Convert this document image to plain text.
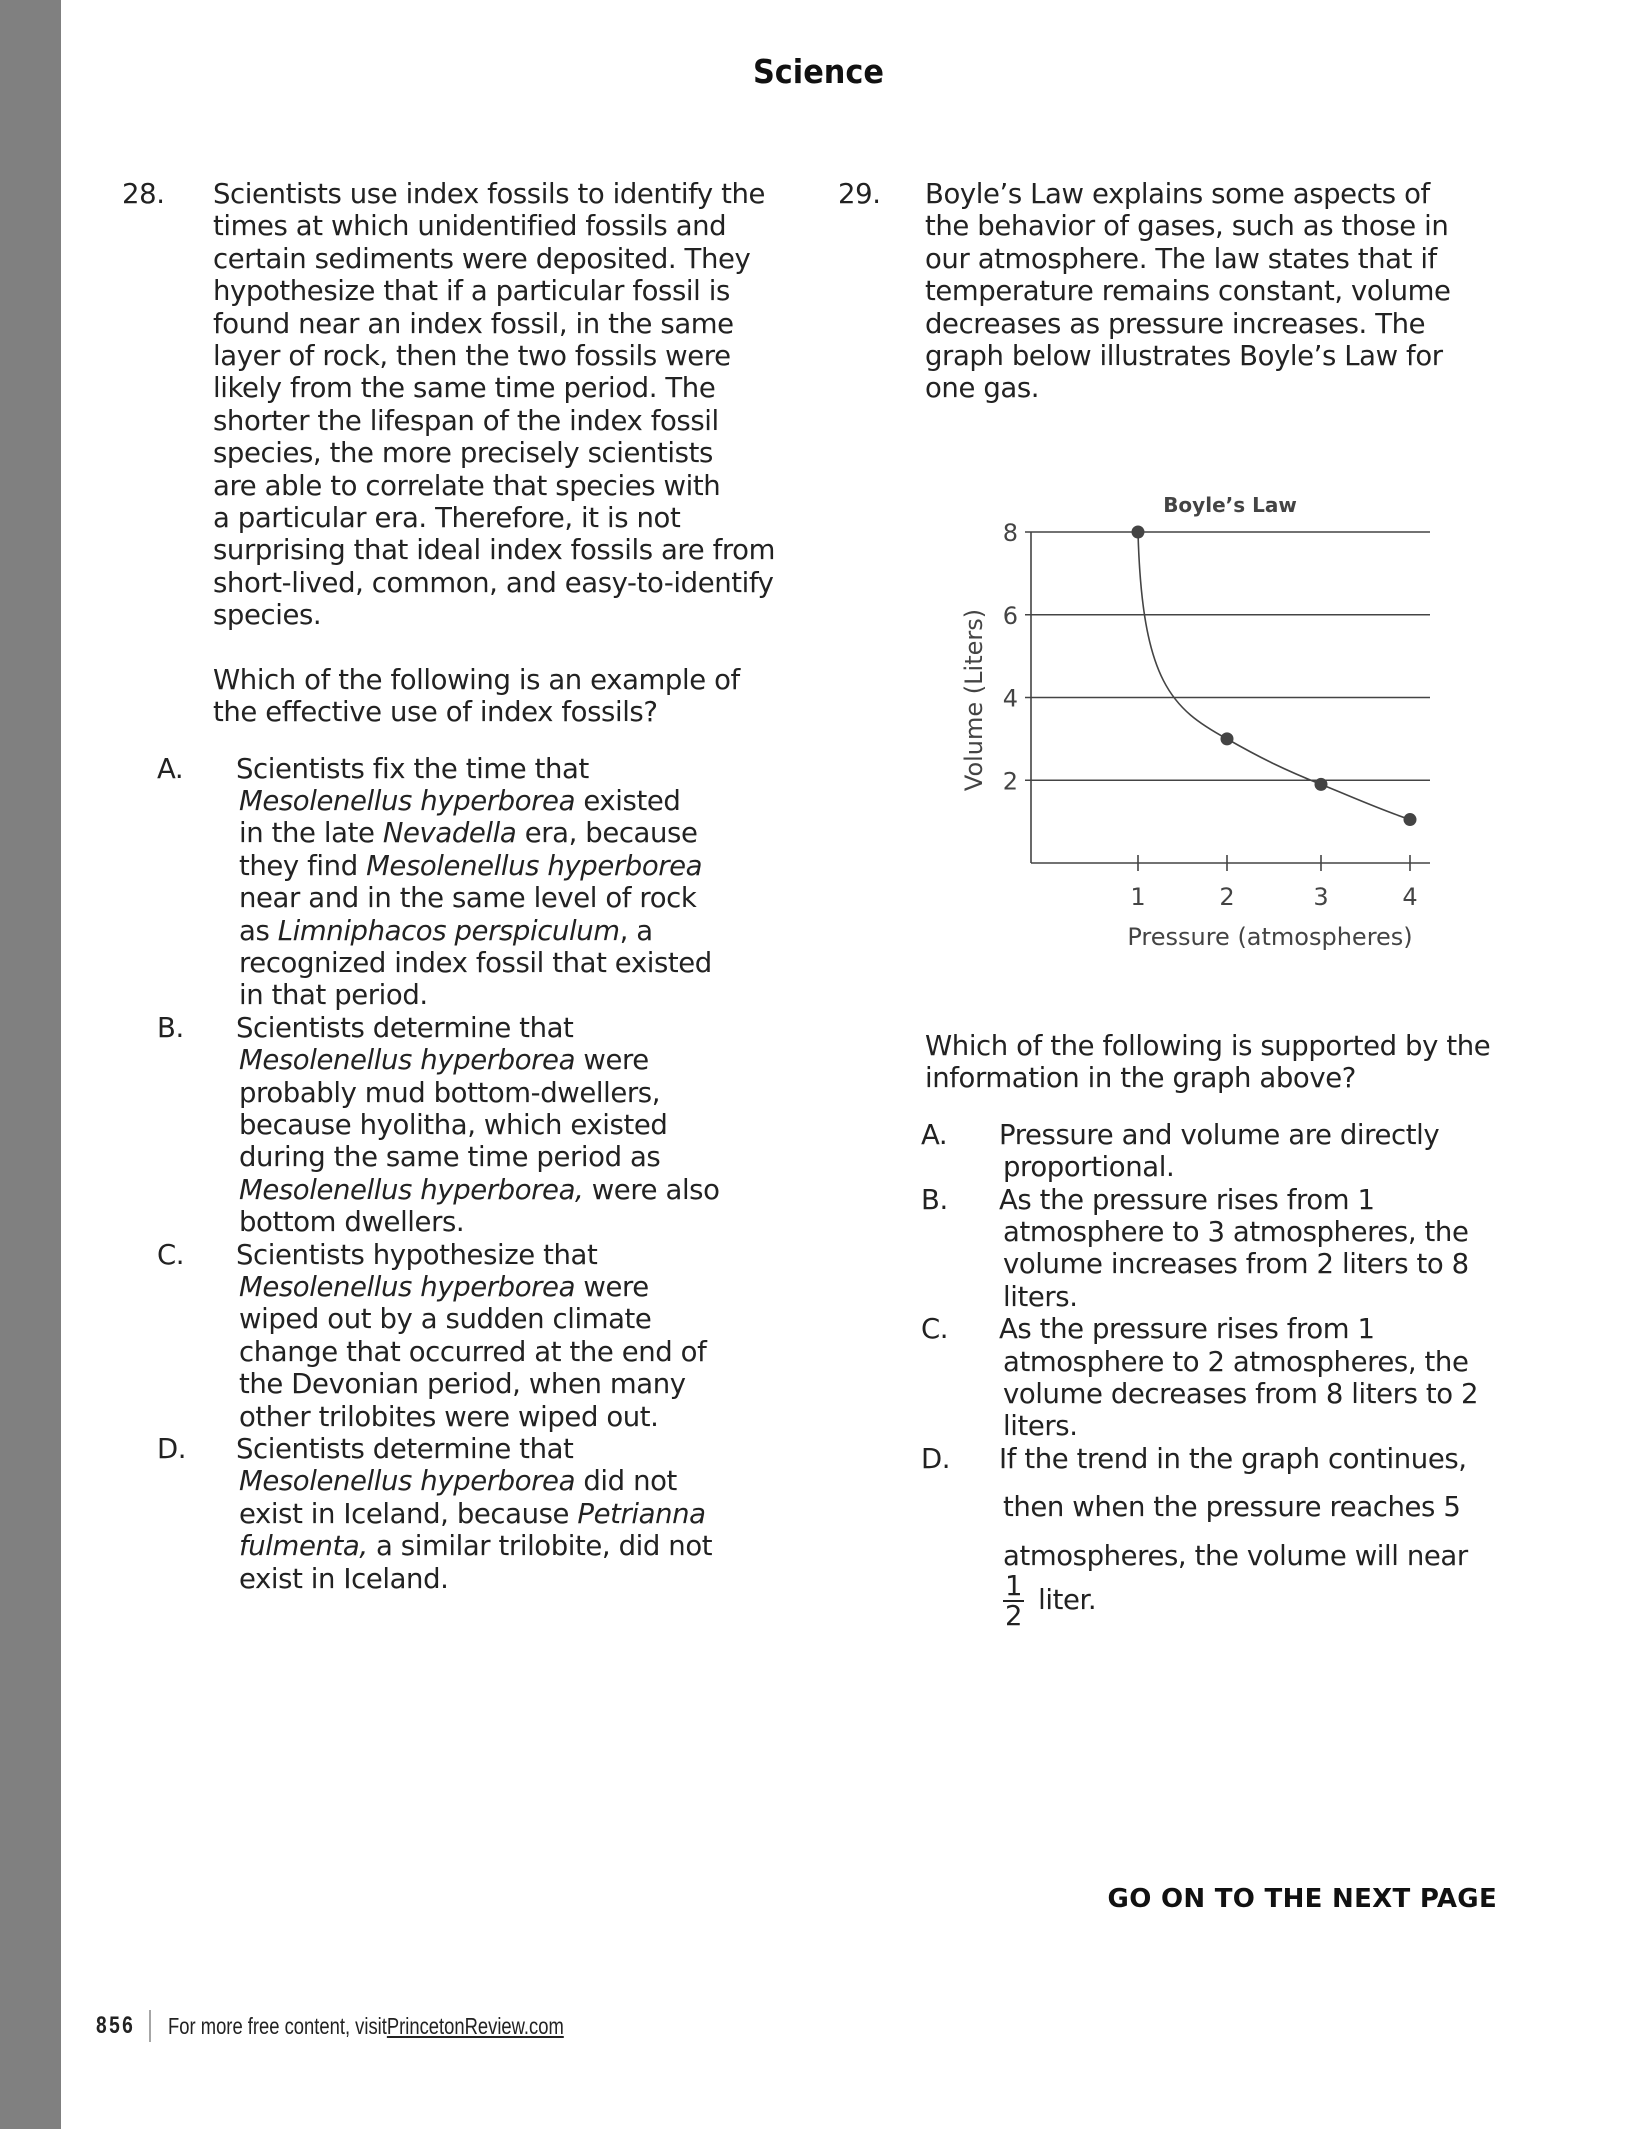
Science
28. Scientists use index fossils to identify the
times at which unidentified fossils and
certain sediments were deposited. They
hypothesize that if a particular fossil is
found near an index fossil, in the same
layer of rock, then the two fossils were
likely from the same time period. The
shorter the lifespan of the index fossil
species, the more precisely scientists
are able to correlate that species with
a particular era. Therefore, it is not
surprising that ideal index fossils are from
short-lived, common, and easy-to-identify
species.

Which of the following is an example of
the effective use of index fossils?

A. Scientists fix the time that
Mesolenellus hyperborea existed
in the late Nevadella era, because
they find Mesolenellus hyperborea
near and in the same level of rock
as Limniphacos perspiculum, a
recognized index fossil that existed
in that period.
B. Scientists determine that
Mesolenellus hyperborea were
probably mud bottom-dwellers,
because hyolitha, which existed
during the same time period as
Mesolenellus hyperborea, were also
bottom dwellers.
C. Scientists hypothesize that
Mesolenellus hyperborea were
wiped out by a sudden climate
change that occurred at the end of
the Devonian period, when many
other trilobites were wiped out.
D. Scientists determine that
Mesolenellus hyperborea did not
exist in Iceland, because Petrianna
fulmenta, a similar trilobite, did not
exist in Iceland.
29. Boyle’s Law explains some aspects of
the behavior of gases, such as those in
our atmosphere. The law states that if
temperature remains constant, volume
decreases as pressure increases. The
graph below illustrates Boyle’s Law for
one gas.

Which of the following is supported by the
information in the graph above?

A. Pressure and volume are directly
proportional.
B. As the pressure rises from 1
atmosphere to 3 atmospheres, the
volume increases from 2 liters to 8
liters.
C. As the pressure rises from 1
atmosphere to 2 atmospheres, the
volume decreases from 8 liters to 2
liters.
D. If the trend in the graph continues,
then when the pressure reaches 5
atmospheres, the volume will near
$\frac{1}{2}$ liter.
Boyle’s Law
2
4
6
8
1	2	3	4
Pressure (atmospheres)
Volume (Liters)
GO ON TO THE NEXT PAGE
856 For more free content, visit PrincetonReview.com
